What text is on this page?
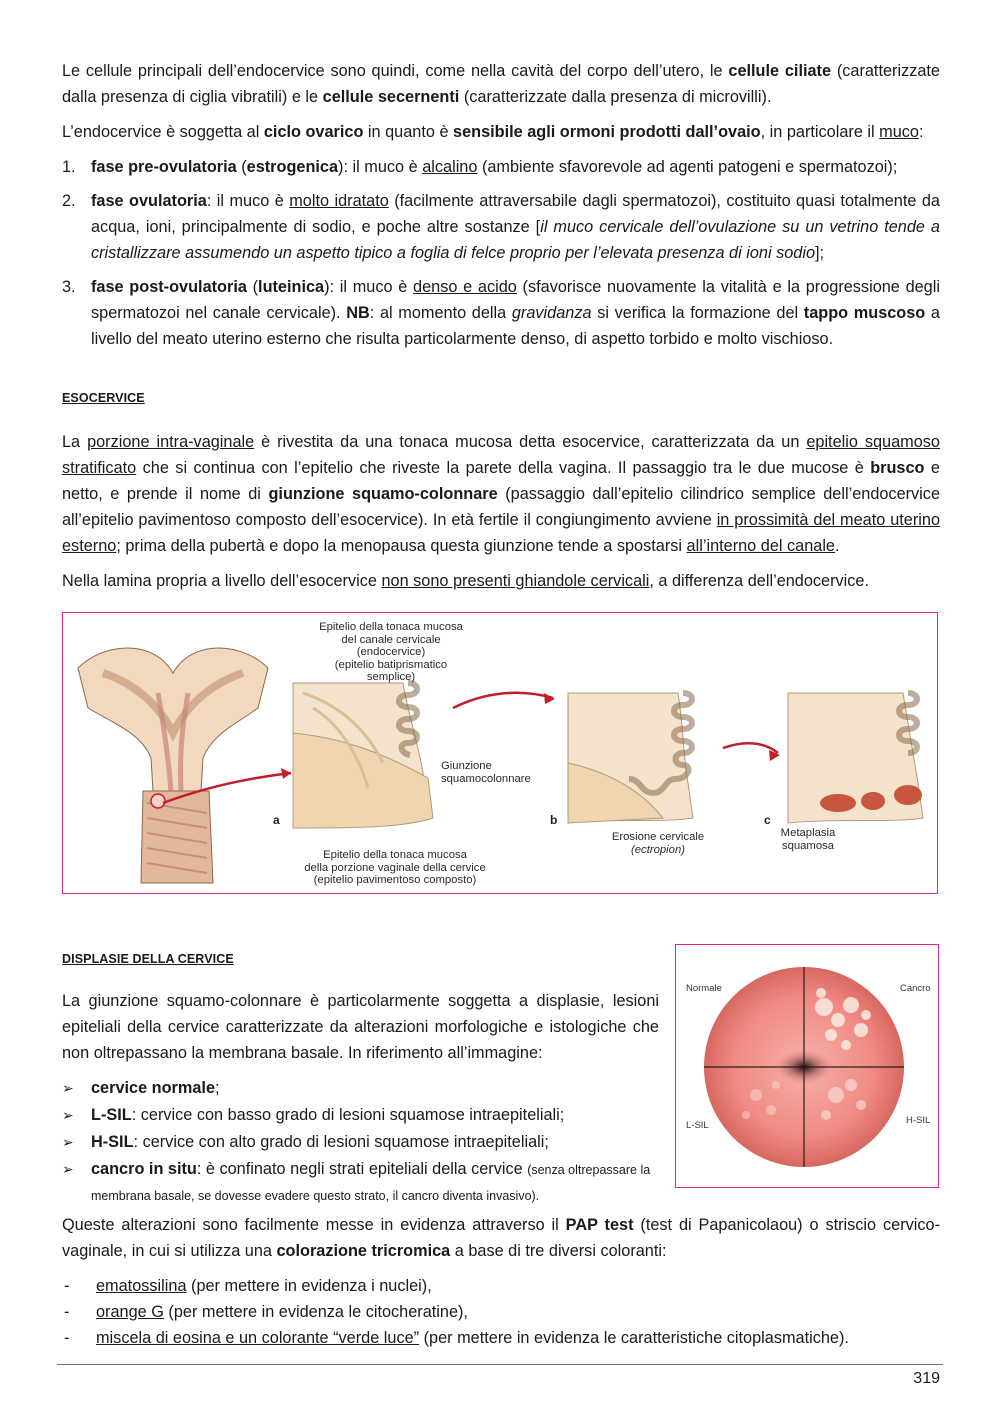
Le cellule principali dell’endocervice sono quindi, come nella cavità del corpo dell’utero, le cellule ciliate (caratterizzate dalla presenza di ciglia vibratili) e le cellule secernenti (caratterizzate dalla presenza di microvilli).

L’endocervice è soggetta al ciclo ovarico in quanto è sensibile agli ormoni prodotti dall’ovaio, in particolare il muco:

1. fase pre-ovulatoria (estrogenica): il muco è alcalino (ambiente sfavorevole ad agenti patogeni e spermatozoi);
2. fase ovulatoria: il muco è molto idratato (facilmente attraversabile dagli spermatozoi), costituito quasi totalmente da acqua, ioni, principalmente di sodio, e poche altre sostanze [il muco cervicale dell’ovulazione su un vetrino tende a cristallizzare assumendo un aspetto tipico a foglia di felce proprio per l’elevata presenza di ioni sodio];
3. fase post-ovulatoria (luteinica): il muco è denso e acido (sfavorisce nuovamente la vitalità e la progressione degli spermatozoi nel canale cervicale). NB: al momento della gravidanza si verifica la formazione del tappo muscoso a livello del meato uterino esterno che risulta particolarmente denso, di aspetto torbido e molto vischioso.
ESOCERVICE

La porzione intra-vaginale è rivestita da una tonaca mucosa detta esocervice, caratterizzata da un epitelio squamoso stratificato che si continua con l’epitelio che riveste la parete della vagina. Il passaggio tra le due mucose è brusco e netto, e prende il nome di giunzione squamo-colonnare (passaggio dall’epitelio cilindrico semplice dell’endocervice all’epitelio pavimentoso composto dell’esocervice). In età fertile il congiungimento avviene in prossimità del meato uterino esterno; prima della pubertà e dopo la menopausa questa giunzione tende a spostarsi all’interno del canale.

Nella lamina propria a livello dell’esocervice non sono presenti ghiandole cervicali, a differenza dell’endocervice.

Epitelio della tonaca mucosa
del canale cervicale (endocervice)
(epitelio batiprismatico semplice)
Giunzione
squamocolonnare
Epitelio della tonaca mucosa
della porzione vaginale della cervice
(epitelio pavimentoso composto)
Erosione cervicale
(ectropion)
Metaplasia
squamosa
a	b	c
DISPLASIE DELLA CERVICE

La giunzione squamo-colonnare è particolarmente soggetta a displasie, lesioni epiteliali della cervice caratterizzate da alterazioni morfologiche e istologiche che non oltrepassano la membrana basale. In riferimento all’immagine:

➢ cervice normale;
➢ L-SIL: cervice con basso grado di lesioni squamose intraepiteliali;
➢ H-SIL: cervice con alto grado di lesioni squamose intraepiteliali;
➢ cancro in situ: è confinato negli strati epiteliali della cervice (senza oltrepassare la membrana basale, se dovesse evadere questo strato, il cancro diventa invasivo).
Normale	Cancro
L-SIL	H-SIL

Queste alterazioni sono facilmente messe in evidenza attraverso il PAP test (test di Papanicolaou) o striscio cervico-vaginale, in cui si utilizza una colorazione tricromica a base di tre diversi coloranti:

- ematossilina (per mettere in evidenza i nuclei),
- orange G (per mettere in evidenza le citocheratine),
- miscela di eosina e un colorante “verde luce” (per mettere in evidenza le caratteristiche citoplasmatiche).
319
